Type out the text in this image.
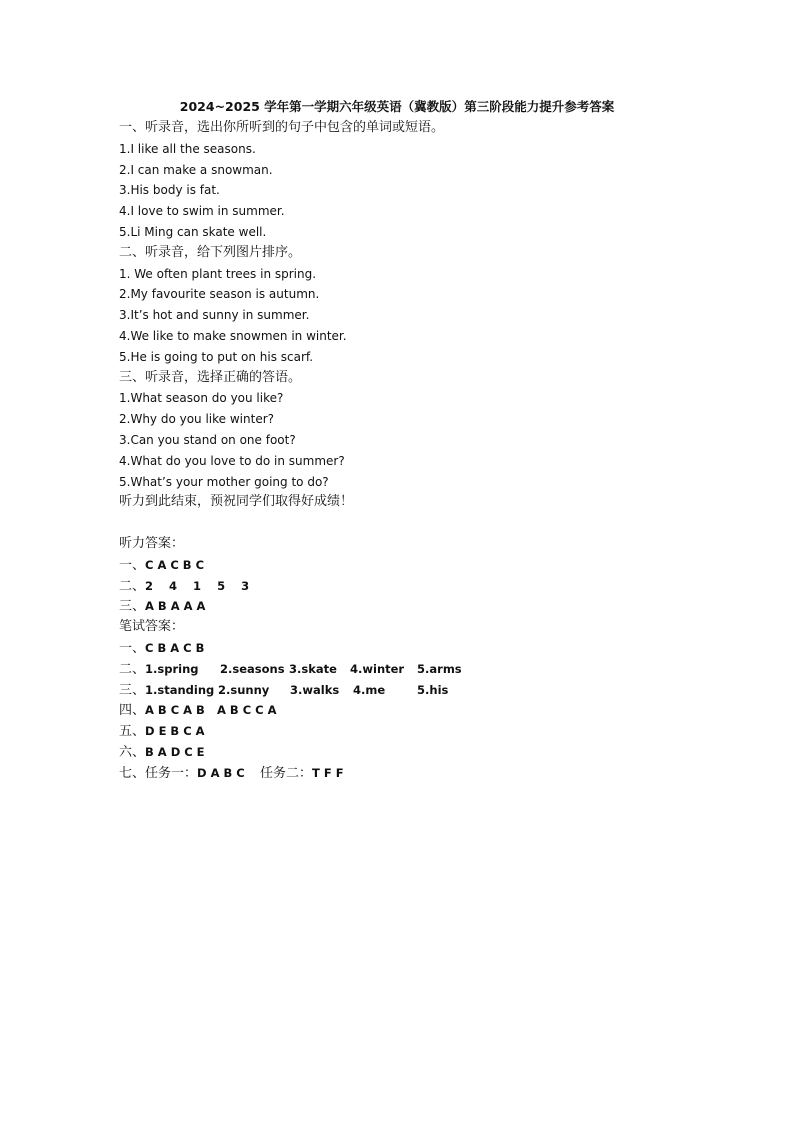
2024~2025 学年第一学期六年级英语（冀教版）第三阶段能力提升参考答案
一、听录音，选出你所听到的句子中包含的单词或短语。
1.I like all the seasons.
2.I can make a snowman.
3.His body is fat.
4.I love to swim in summer.
5.Li Ming can skate well.
二、听录音，给下列图片排序。
1. We often plant trees in spring.
2.My favourite season is autumn.
3.It’s hot and sunny in summer.
4.We like to make snowmen in winter.
5.He is going to put on his scarf.
三、听录音，选择正确的答语。
1.What season do you like?
2.Why do you like winter?
3.Can you stand on one foot?
4.What do you love to do in summer?
5.What’s your mother going to do?
听力到此结束，预祝同学们取得好成绩！
听力答案：
一、C A C B C
二、2    4    1    5    3
三、A B A A A
笔试答案：
一、C B A C B
二、1.spring 2.seasons 3.skate 4.winter 5.arms
三、1.standing 2.sunny 3.walks 4.me	5.his
四、A B C A B A B C C A
五、D E B C A
六、B A D C E
七、任务一：D A B C 任务二：T F F
